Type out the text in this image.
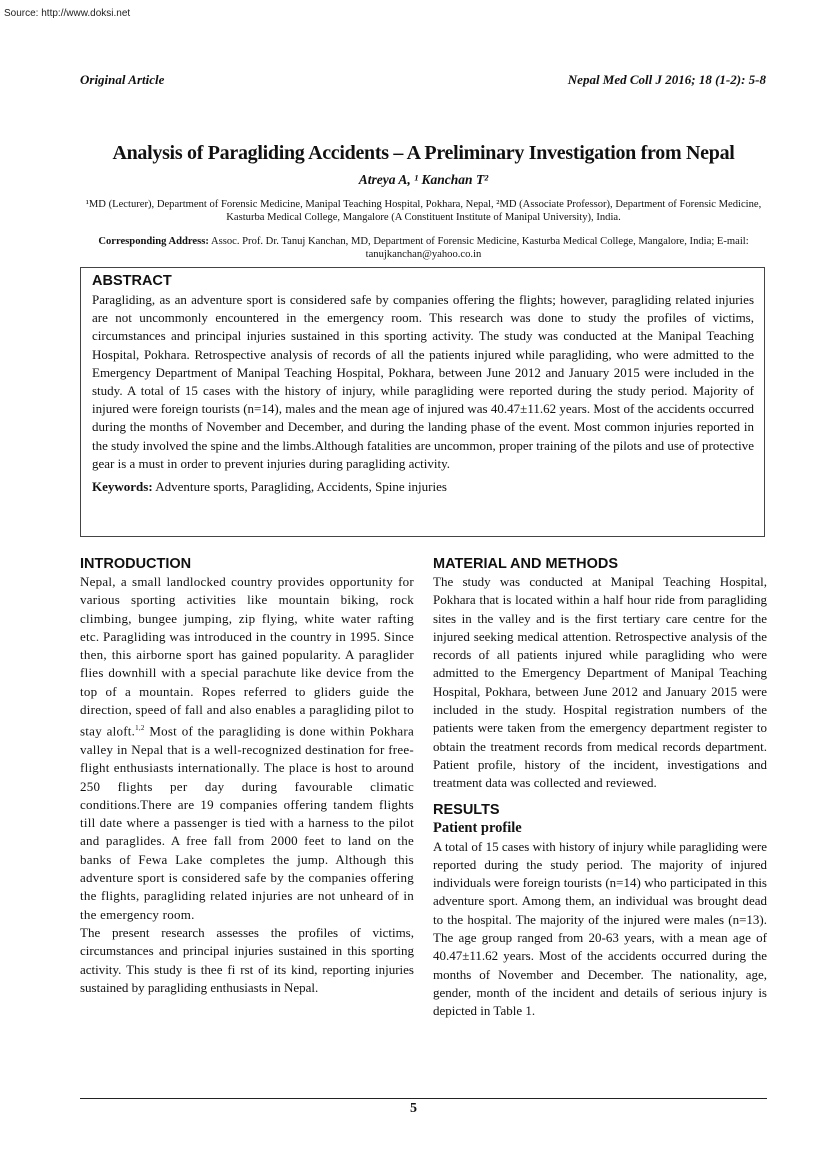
Source: http://www.doksi.net
Original Article	Nepal Med Coll J 2016; 18 (1-2): 5-8
Analysis of Paragliding Accidents – A Preliminary Investigation from Nepal
Atreya A, ¹ Kanchan T²
¹MD (Lecturer), Department of Forensic Medicine, Manipal Teaching Hospital, Pokhara, Nepal, ²MD (Associate Professor), Department of Forensic Medicine, Kasturba Medical College, Mangalore (A Constituent Institute of Manipal University), India.
Corresponding Address: Assoc. Prof. Dr. Tanuj Kanchan, MD, Department of Forensic Medicine, Kasturba Medical College, Mangalore, India; E-mail: tanujkanchan@yahoo.co.in
ABSTRACT

Paragliding, as an adventure sport is considered safe by companies offering the flights; however, paragliding related injuries are not uncommonly encountered in the emergency room. This research was done to study the profiles of victims, circumstances and principal injuries sustained in this sporting activity. The study was conducted at the Manipal Teaching Hospital, Pokhara. Retrospective analysis of records of all the patients injured while paragliding, who were admitted to the Emergency Department of Manipal Teaching Hospital, Pokhara, between June 2012 and January 2015 were included in the study. A total of 15 cases with the history of injury, while paragliding were reported during the study period. Majority of injured were foreign tourists (n=14), males and the mean age of injured was 40.47±11.62 years. Most of the accidents occurred during the months of November and December, and during the landing phase of the event. Most common injuries reported in the study involved the spine and the limbs.Although fatalities are uncommon, proper training of the pilots and use of protective gear is a must in order to prevent injuries during paragliding activity.

Keywords: Adventure sports, Paragliding, Accidents, Spine injuries
INTRODUCTION

Nepal, a small landlocked country provides opportunity for various sporting activities like mountain biking, rock climbing, bungee jumping, zip flying, white water rafting etc. Paragliding was introduced in the country in 1995. Since then, this airborne sport has gained popularity. A paraglider flies downhill with a special parachute like device from the top of a mountain. Ropes referred to gliders guide the direction, speed of fall and also enables a paragliding pilot to stay aloft.$^{1,2}$ Most of the paragliding is done within Pokhara valley in Nepal that is a well-recognized destination for free-flight enthusiasts internationally. The place is host to around 250 flights per day during favourable climatic conditions.There are 19 companies offering tandem flights till date where a passenger is tied with a harness to the pilot and paraglides. A free fall from 2000 feet to land on the banks of Fewa Lake completes the jump. Although this adventure sport is considered safe by the companies offering the flights, paragliding related injuries are not unheard of in the emergency room.

The present research assesses the profiles of victims, circumstances and principal injuries sustained in this sporting activity. This study is thee fi rst of its kind, reporting injuries sustained by paragliding enthusiasts in Nepal.

MATERIAL AND METHODS

The study was conducted at Manipal Teaching Hospital, Pokhara that is located within a half hour ride from paragliding sites in the valley and is the first tertiary care centre for the injured seeking medical attention. Retrospective analysis of the records of all patients injured while paragliding who were admitted to the Emergency Department of Manipal Teaching Hospital, Pokhara, between June 2012 and January 2015 were included in the study. Hospital registration numbers of the patients were taken from the emergency department register to obtain the treatment records from medical records department. Patient profile, history of the incident, investigations and treatment data was collected and reviewed.

RESULTS
Patient profile

A total of 15 cases with history of injury while paragliding were reported during the study period. The majority of injured individuals were foreign tourists (n=14) who participated in this adventure sport. Among them, an individual was brought dead to the hospital. The majority of the injured were males (n=13). The age group ranged from 20-63 years, with a mean age of 40.47±11.62 years. Most of the accidents occurred during the months of November and December. The nationality, age, gender, month of the incident and details of serious injury is depicted in Table 1.

5
